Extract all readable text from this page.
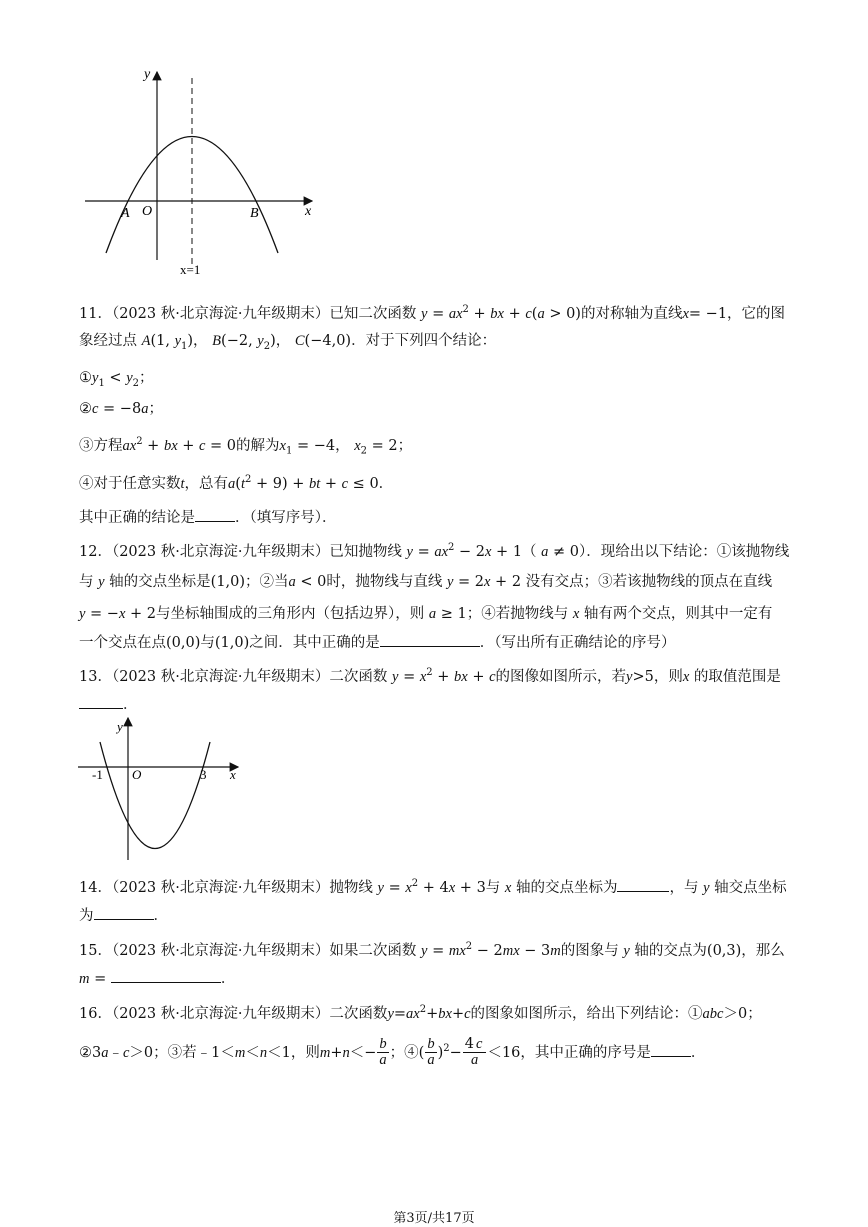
y
x
O
A	B
x=1
11．（2023 秋·北京海淀·九年级期末）已知二次函数 $y = ax^2$ + bx + c(a > 0)的对称轴为直线x= −1，它的图
象经过点 A(1, $y_1$)， B(−2, $y_2$)， C(−4,0)．对于下列四个结论：
$①y_1 < y_2$；
②c = −8a；
③方程$ax^2$ + bx + c = 0的解为$x_1 = -4$， $x_2 = 2$；
④对于任意实数t，总有$a(t^2 + 9)$ + bt + c ≤ 0．
其中正确的结论是	．（填写序号）．
12．（2023 秋·北京海淀·九年级期末）已知抛物线 $y = ax^2 - 2x + 1$（ a ≠ 0）．现给出以下结论：①该抛物线
与 y 轴的交点坐标是(1,0)；②当a < 0时，抛物线与直线 y = 2x + 2 没有交点；③若该抛物线的顶点在直线
y = −x + 2与坐标轴围成的三角形内（包括边界），则 a ≥ 1；④若抛物线与 x 轴有两个交点，则其中一定有
一个交点在点(0,0)与(1,0)之间．其中正确的是	．（写出所有正确结论的序号）
13．（2023 秋·北京海淀·九年级期末）二次函数 $y = x^2$ + bx + c的图像如图所示，若y>5，则x 的取值范围是
．
y
x
O
-1	3
14．（2023 秋·北京海淀·九年级期末）抛物线 $y = x^2 + 4x + 3$与 x 轴的交点坐标为	，与 y 轴交点坐标
为	．
15．（2023 秋·北京海淀·九年级期末）如果二次函数 $y = mx^2 - 2mx - 3m$的图象与 y 轴的交点为(0,3)，那么
m =	．
16．（2023 秋·北京海淀·九年级期末）二次函数$y=ax^2+bx+c$的图象如图所示，给出下列结论：①abc＞0；
②3a﹣c＞0；③若﹣1＜m＜n＜1，则$m+n<- \frac{b}{a}$ ；④( $\frac{b}{a} )^2- \frac{4 c}{a} <16$，其中正确的序号是	．
第3页/共17页
